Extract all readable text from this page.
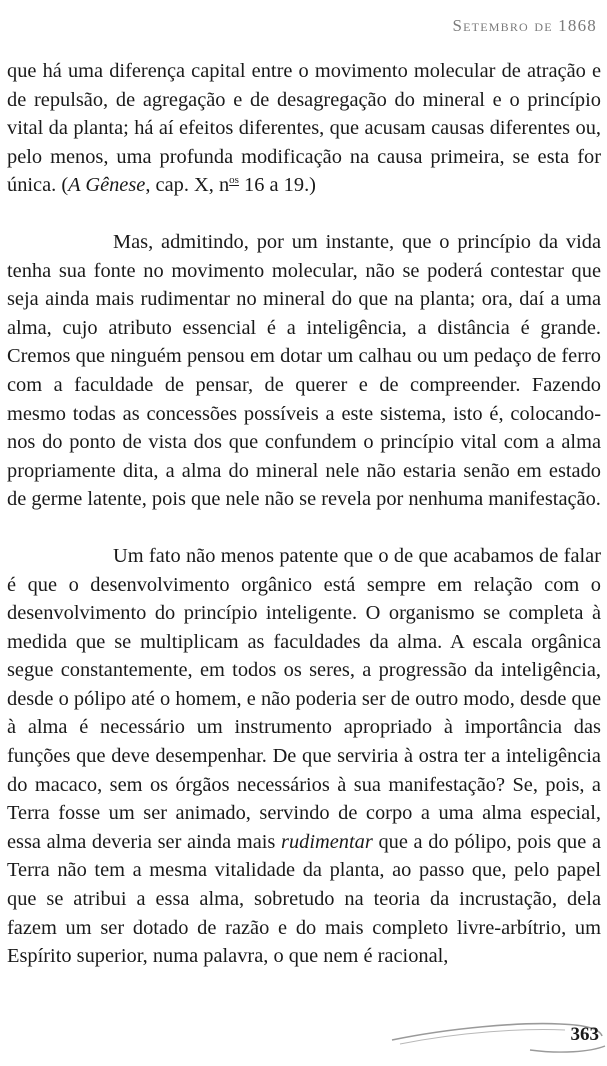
Setembro de 1868

que há uma diferença capital entre o movimento molecular de atração e de repulsão, de agregação e de desagregação do mineral e o princípio vital da planta; há aí efeitos diferentes, que acusam causas diferentes ou, pelo menos, uma profunda modificação na causa primeira, se esta for única. (A Gênese, cap. X, $n^{os}$ 16 a 19.)

Mas, admitindo, por um instante, que o princípio da vida tenha sua fonte no movimento molecular, não se poderá contestar que seja ainda mais rudimentar no mineral do que na planta; ora, daí a uma alma, cujo atributo essencial é a inteligência, a distância é grande. Cremos que ninguém pensou em dotar um calhau ou um pedaço de ferro com a faculdade de pensar, de querer e de compreender. Fazendo mesmo todas as concessões possíveis a este sistema, isto é, colocando-nos do ponto de vista dos que confundem o princípio vital com a alma propriamente dita, a alma do mineral nele não estaria senão em estado de germe latente, pois que nele não se revela por nenhuma manifestação.

Um fato não menos patente que o de que acabamos de falar é que o desenvolvimento orgânico está sempre em relação com o desenvolvimento do princípio inteligente. O organismo se completa à medida que se multiplicam as faculdades da alma. A escala orgânica segue constantemente, em todos os seres, a progressão da inteligência, desde o pólipo até o homem, e não poderia ser de outro modo, desde que à alma é necessário um instrumento apropriado à importância das funções que deve desempenhar. De que serviria à ostra ter a inteligência do macaco, sem os órgãos necessários à sua manifestação? Se, pois, a Terra fosse um ser animado, servindo de corpo a uma alma especial, essa alma deveria ser ainda mais rudimentar que a do pólipo, pois que a Terra não tem a mesma vitalidade da planta, ao passo que, pelo papel que se atribui a essa alma, sobretudo na teoria da incrustação, dela fazem um ser dotado de razão e do mais completo livre-arbítrio, um Espírito superior, numa palavra, o que nem é racional,

363
